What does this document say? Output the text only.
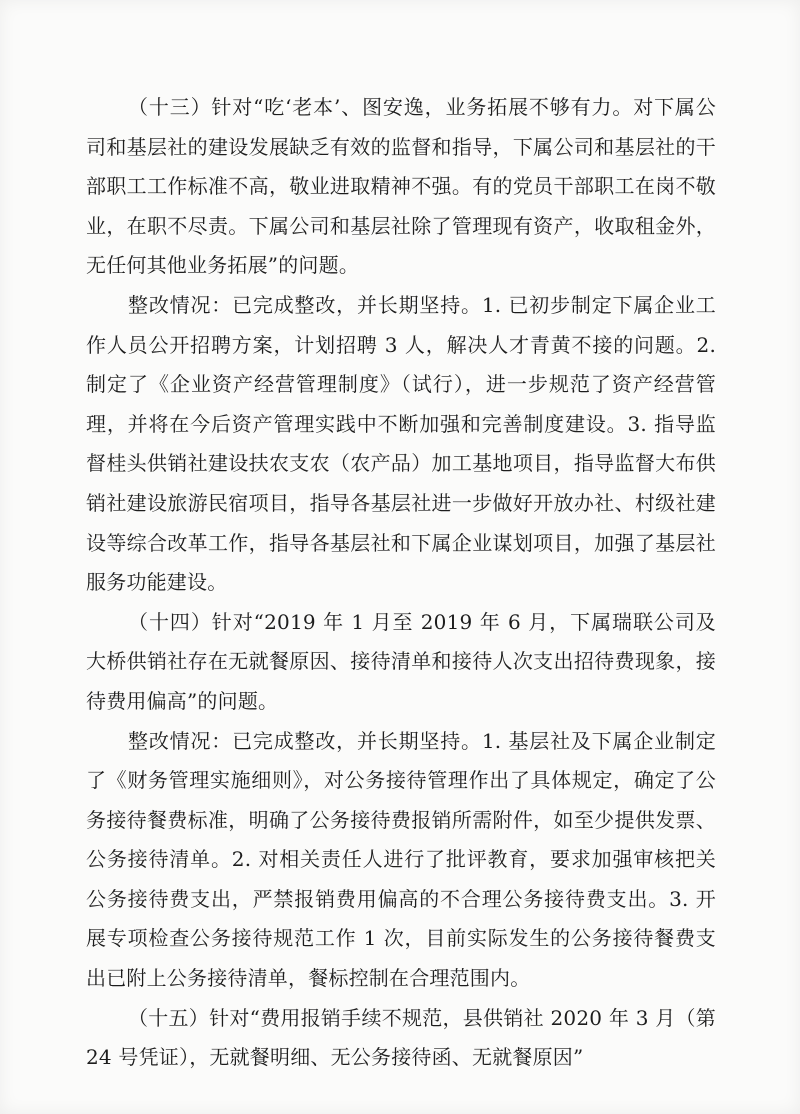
（十三）针对“吃‘老本’、图安逸，业务拓展不够有力。对下属公司和基层社的建设发展缺乏有效的监督和指导，下属公司和基层社的干部职工工作标准不高，敬业进取精神不强。有的党员干部职工在岗不敬业，在职不尽责。下属公司和基层社除了管理现有资产，收取租金外，无任何其他业务拓展”的问题。

整改情况：已完成整改，并长期坚持。1. 已初步制定下属企业工作人员公开招聘方案，计划招聘 3 人，解决人才青黄不接的问题。2. 制定了《企业资产经营管理制度》（试行），进一步规范了资产经营管理，并将在今后资产管理实践中不断加强和完善制度建设。3. 指导监督桂头供销社建设扶农支农（农产品）加工基地项目，指导监督大布供销社建设旅游民宿项目，指导各基层社进一步做好开放办社、村级社建设等综合改革工作，指导各基层社和下属企业谋划项目，加强了基层社服务功能建设。

（十四）针对“2019 年 1 月至 2019 年 6 月，下属瑞联公司及大桥供销社存在无就餐原因、接待清单和接待人次支出招待费现象，接待费用偏高”的问题。

整改情况：已完成整改，并长期坚持。1. 基层社及下属企业制定了《财务管理实施细则》，对公务接待管理作出了具体规定，确定了公务接待餐费标准，明确了公务接待费报销所需附件，如至少提供发票、公务接待清单。2. 对相关责任人进行了批评教育，要求加强审核把关公务接待费支出，严禁报销费用偏高的不合理公务接待费支出。3. 开展专项检查公务接待规范工作 1 次，目前实际发生的公务接待餐费支出已附上公务接待清单，餐标控制在合理范围内。

（十五）针对“费用报销手续不规范，县供销社 2020 年 3 月（第 24 号凭证），无就餐明细、无公务接待函、无就餐原因”
